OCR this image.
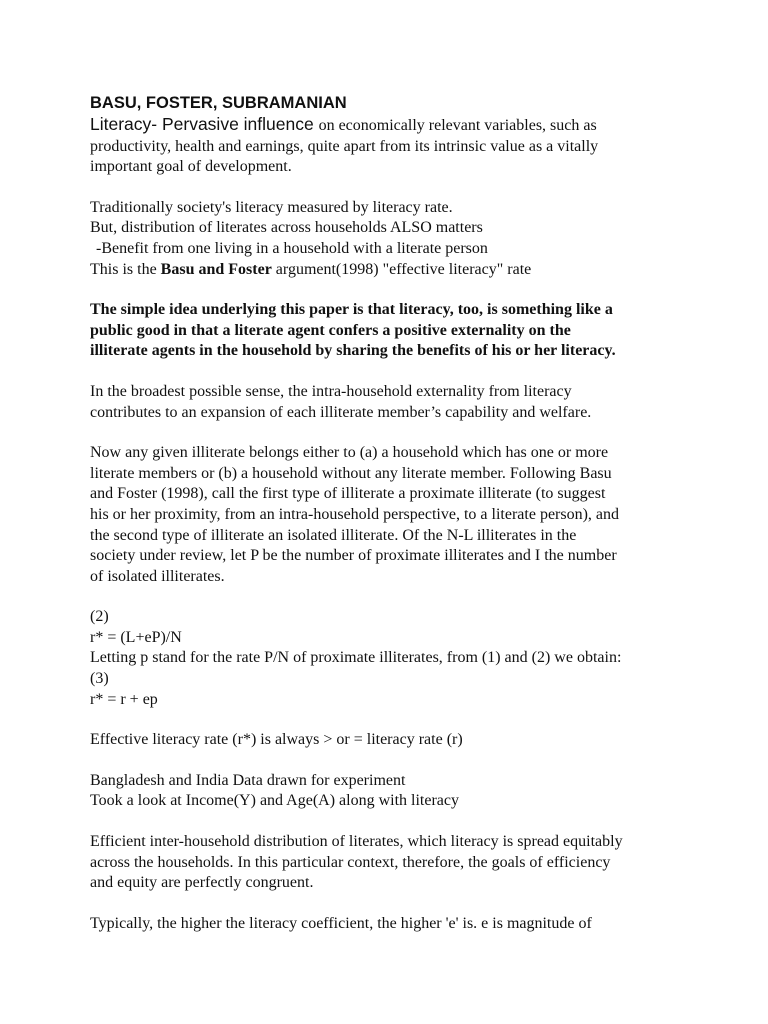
BASU, FOSTER, SUBRAMANIAN
Literacy- Pervasive influence on economically relevant variables, such as
productivity, health and earnings, quite apart from its intrinsic value as a vitally
important goal of development.
Traditionally society's literacy measured by literacy rate.
But, distribution of literates across households ALSO matters
-Benefit from one living in a household with a literate person
This is the Basu and Foster argument(1998) "effective literacy" rate
The simple idea underlying this paper is that literacy, too, is something like a
public good in that a literate agent confers a positive externality on the
illiterate agents in the household by sharing the benefits of his or her literacy.
In the broadest possible sense, the intra-household externality from literacy
contributes to an expansion of each illiterate member’s capability and welfare.
Now any given illiterate belongs either to (a) a household which has one or more
literate members or (b) a household without any literate member. Following Basu
and Foster (1998), call the first type of illiterate a proximate illiterate (to suggest
his or her proximity, from an intra-household perspective, to a literate person), and
the second type of illiterate an isolated illiterate. Of the N-L illiterates in the
society under review, let P be the number of proximate illiterates and I the number
of isolated illiterates.
(2)
r* = (L+eP)/N
Letting p stand for the rate P/N of proximate illiterates, from (1) and (2) we obtain:
(3)
r* = r + ep
Effective literacy rate (r*) is always > or = literacy rate (r)
Bangladesh and India Data drawn for experiment
Took a look at Income(Y) and Age(A) along with literacy
Efficient inter-household distribution of literates, which literacy is spread equitably
across the households. In this particular context, therefore, the goals of efficiency
and equity are perfectly congruent.
Typically, the higher the literacy coefficient, the higher 'e' is. e is magnitude of
